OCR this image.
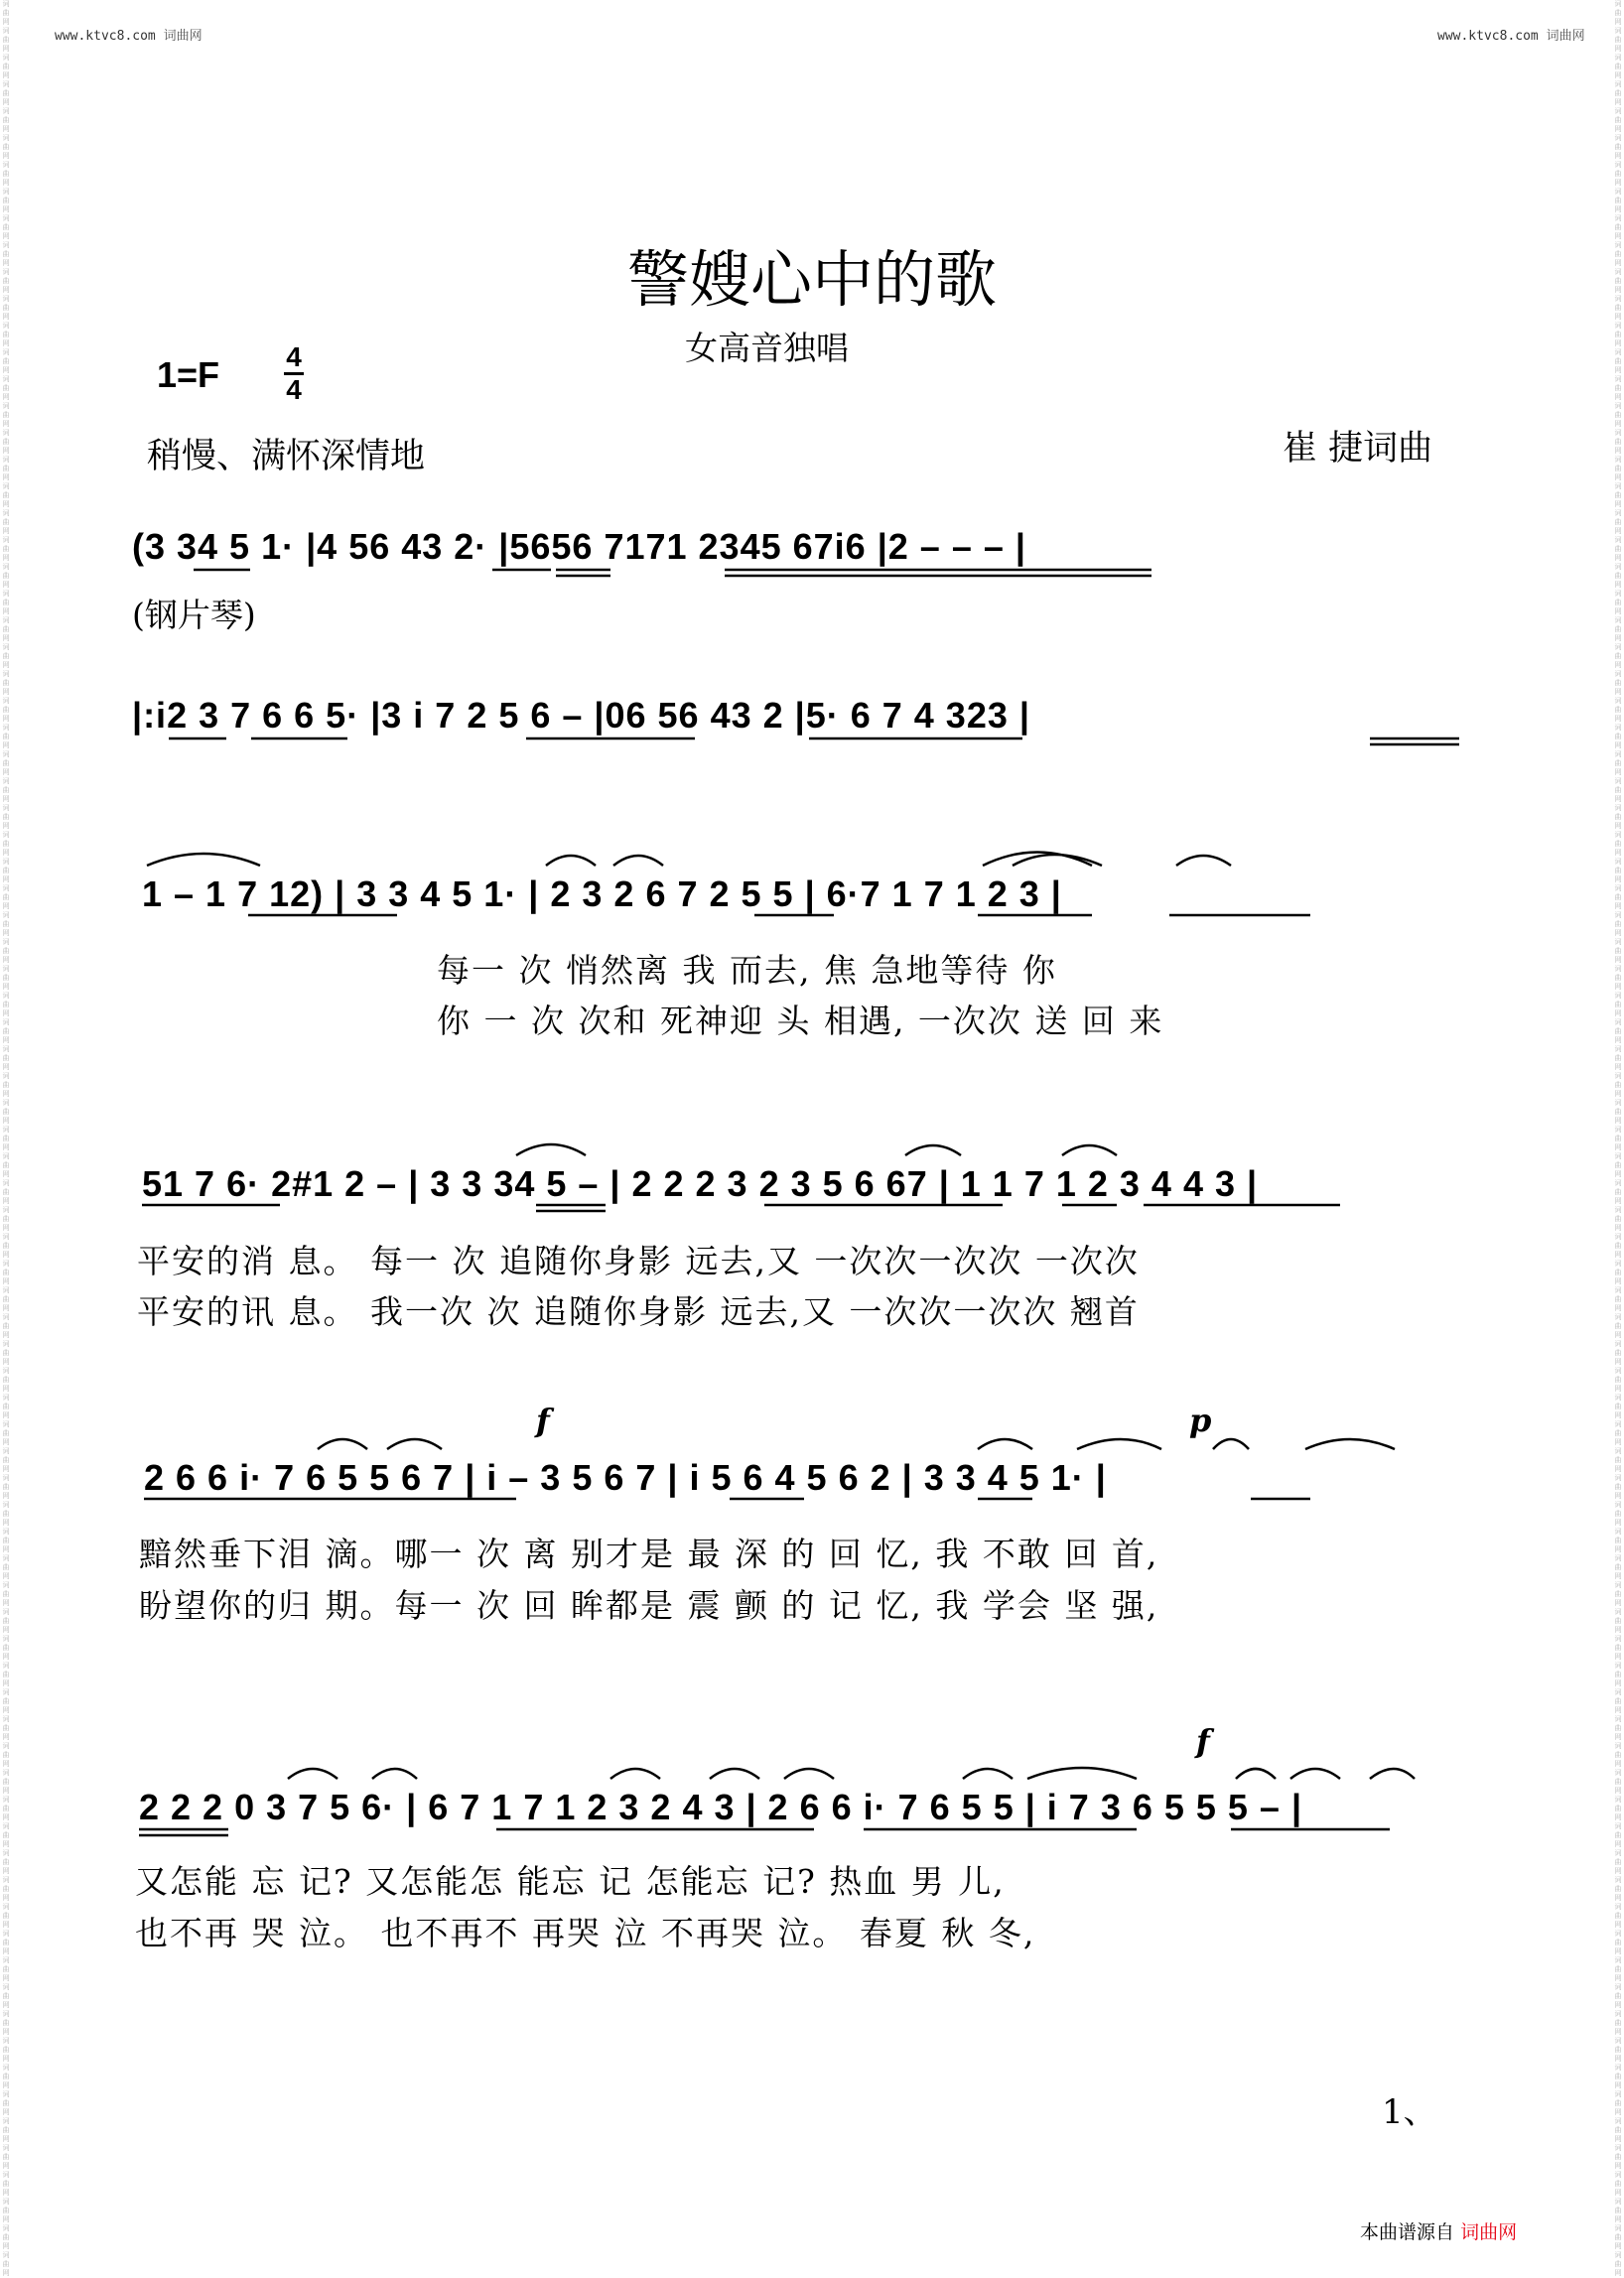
词曲网
词曲网
词曲网
词曲网
词曲网
词曲网
词曲网
词曲网
词曲网
词曲网
词曲网
词曲网
词曲网
词曲网
词曲网
词曲网
词曲网
词曲网
词曲网
词曲网
词曲网
词曲网
词曲网
词曲网
词曲网
词曲网
词曲网
词曲网
词曲网
词曲网
词曲网
词曲网
词曲网
词曲网
词曲网
词曲网
词曲网
词曲网
词曲网
词曲网
词曲网
词曲网
词曲网
词曲网
词曲网
词曲网
词曲网
词曲网
词曲网
词曲网
词曲网
词曲网
词曲网
词曲网
词曲网
词曲网
词曲网
词曲网
词曲网
词曲网
词曲网
词曲网
词曲网
词曲网
词曲网
词曲网
词曲网
词曲网
词曲网
词曲网
词曲网
词曲网
词曲网
词曲网
词曲网
词曲网
词曲网
词曲网
词曲网
词曲网
词曲网
词曲网
词曲网
词曲网
词曲网
词曲网
词曲网
词曲网
词曲网
词曲网
词曲网
词曲网
词曲网
词曲网
词曲网
词曲网
词曲网
词曲网
词曲网
词曲网
词曲网
词曲网
词曲网
词曲网
词曲网
词曲网
词曲网
词曲网
词曲网
词曲网
词曲网
词曲网
词曲网
词曲网
词曲网
词曲网
词曲网
词曲网
词曲网
词曲网
词曲网
词曲网
词曲网
词曲网
词曲网
词曲网
词曲网
词曲网
词曲网
词曲网
词曲网
词曲网
词曲网
词曲网
词曲网
词曲网
词曲网
词曲网
词曲网
词曲网
词曲网
词曲网
词曲网
词曲网
词曲网
词曲网
词曲网
词曲网
词曲网
词曲网
词曲网
词曲网
词曲网
词曲网
词曲网
词曲网
词曲网
词曲网
词曲网
词曲网
词曲网
词曲网
词曲网
词曲网
词曲网
词曲网
词曲网
词曲网
词曲网
词曲网
www.ktvc8.com 词曲网	www.ktvc8.com 词曲网
警嫂心中的歌
女高音独唱
1=F 4
4
稍慢、满怀深情地	崔 捷词曲
(3 34 5 1· |4 56 43 2· |5656 7171 2345 67i6 |2 – – – |
(钢片琴)
|:i2 3 7 6 6 5· |3 i 7 2 5 6 – |06 56 43 2 |5· 6 7 4 323 |
1 – 1 7 12) | 3 3 4 5 1· | 2 3 2 6 7 2 5 5 | 6·7 1 7 1 2 3 |
每一 次 悄然离 我 而去, 焦 急地等待 你
你 一 次 次和 死神迎 头 相遇, 一次次 送 回 来
51 7 6· 2#1 2 – | 3 3 34 5 – | 2 2 2 3 2 3 5 6 67 | 1 1 7 1 2 3 4 4 3 |
平安的消 息。 每一 次 追随你身影 远去,又 一次次一次次 一次次
平安的讯 息。 我一次 次 追随你身影 远去,又 一次次一次次 翘首
f	p
2 6 6 i· 7 6 5 5 6 7 | i – 3 5 6 7 | i 5 6 4 5 6 2 | 3 3 4 5 1· |
黯然垂下泪 滴。哪一 次 离 别才是 最 深 的 回 忆, 我 不敢 回 首,
盼望你的归 期。每一 次 回 眸都是 震 颤 的 记 忆, 我 学会 坚 强,
f
2 2 2 0 3 7 5 6· | 6 7 1 7 1 2 3 2 4 3 | 2 6 6 i· 7 6 5 5 | i 7 3 6 5 5 5 – |
又怎能 忘 记? 又怎能怎 能忘 记 怎能忘 记? 热血 男 儿,
也不再 哭 泣。 也不再不 再哭 泣 不再哭 泣。 春夏 秋 冬,
1、
本曲谱源自 词曲网
